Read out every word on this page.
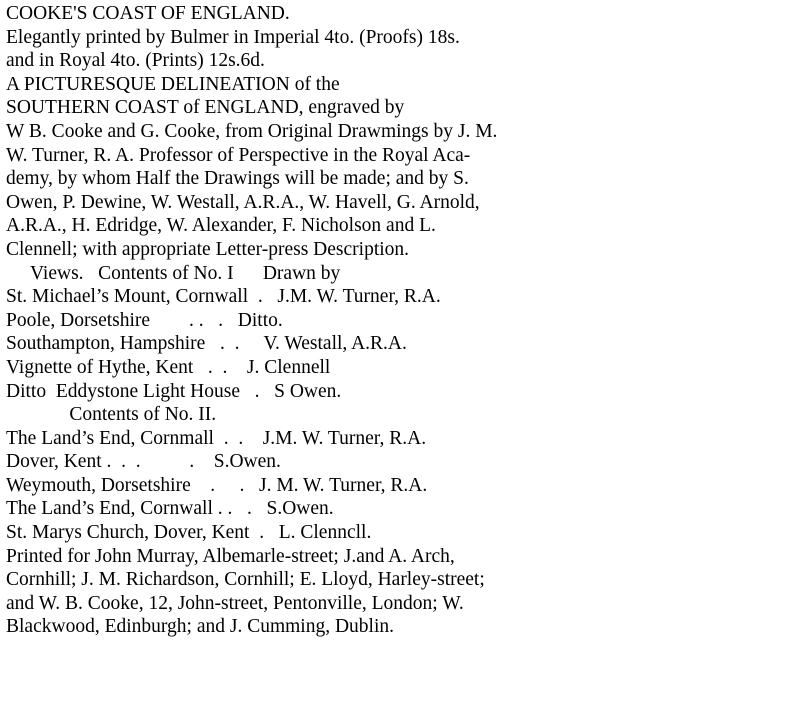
COOKE'S COAST OF ENGLAND.
Elegantly printed by Bulmer in Imperial 4to. (Proofs) 18s.
and in Royal 4to. (Prints) 12s.6d.
A PICTURESQUE DELINEATION of the
SOUTHERN COAST of ENGLAND, engraved by
W B. Cooke and G. Cooke, from Original Drawmings by J. M.
W. Turner, R. A. Professor of Perspective in the Royal Aca-
demy, by whom Half the Drawings will be made; and by S.
Owen, P. Dewine, W. Westall, A.R.A., W. Havell, G. Arnold,
A.R.A., H. Edridge, W. Alexander, F. Nicholson and L.
Clennell; with appropriate Letter-press Description.
Views.   Contents of No. I      Drawn by
St. Michael’s Mount, Cornwall  .   J.M. W. Turner, R.A.
Poole, Dorsetshire        . .   .   Ditto.
Southampton, Hampshire   .  .     V. Westall, A.R.A.
Vignette of Hythe, Kent   .  .    J. Clennell
Ditto  Eddystone Light House   .   S Owen.
Contents of No. II.
The Land’s End, Cornmall  .  .    J.M. W. Turner, R.A.
Dover, Kent .  .  .          .    S.Owen.
Weymouth, Dorsetshire    .     .   J. M. W. Turner, R.A.
The Land’s End, Cornwall . .   .   S.Owen.
St. Marys Church, Dover, Kent  .   L. Clenncll.
Printed for John Murray, Albemarle-street; J.and A. Arch,
Cornhill; J. M. Richardson, Cornhill; E. Lloyd, Harley-street;
and W. B. Cooke, 12, John-street, Pentonville, London; W.
Blackwood, Edinburgh; and J. Cumming, Dublin.
